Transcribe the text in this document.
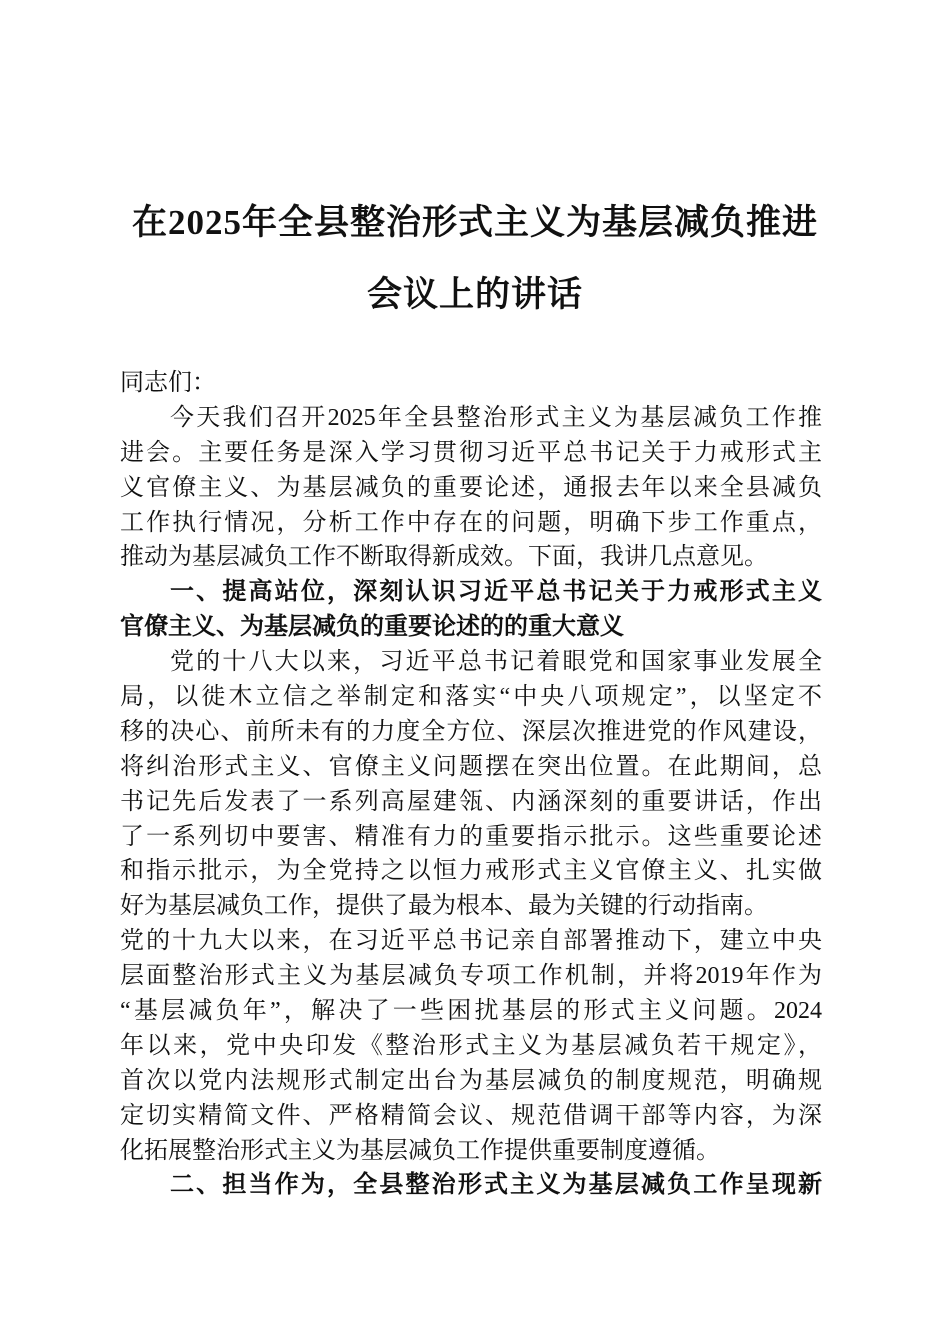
在2025年全县整治形式主义为基层减负推进
会议上的讲话
同志们：
今天我们召开2025年全县整治形式主义为基层减负工作推
进会。主要任务是深入学习贯彻习近平总书记关于力戒形式主
义官僚主义、为基层减负的重要论述，通报去年以来全县减负
工作执行情况，分析工作中存在的问题，明确下步工作重点，
推动为基层减负工作不断取得新成效。下面，我讲几点意见。
一、提高站位，深刻认识习近平总书记关于力戒形式主义
官僚主义、为基层减负的重要论述的的重大意义
党的十八大以来，习近平总书记着眼党和国家事业发展全
局，以徙木立信之举制定和落实“中央八项规定”，以坚定不
移的决心、前所未有的力度全方位、深层次推进党的作风建设，
将纠治形式主义、官僚主义问题摆在突出位置。在此期间，总
书记先后发表了一系列高屋建瓴、内涵深刻的重要讲话，作出
了一系列切中要害、精准有力的重要指示批示。这些重要论述
和指示批示，为全党持之以恒力戒形式主义官僚主义、扎实做
好为基层减负工作，提供了最为根本、最为关键的行动指南。
党的十九大以来，在习近平总书记亲自部署推动下，建立中央
层面整治形式主义为基层减负专项工作机制，并将2019年作为
“基层减负年”，解决了一些困扰基层的形式主义问题。2024
年以来，党中央印发《整治形式主义为基层减负若干规定》，
首次以党内法规形式制定出台为基层减负的制度规范，明确规
定切实精简文件、严格精简会议、规范借调干部等内容，为深
化拓展整治形式主义为基层减负工作提供重要制度遵循。
二、担当作为，全县整治形式主义为基层减负工作呈现新
